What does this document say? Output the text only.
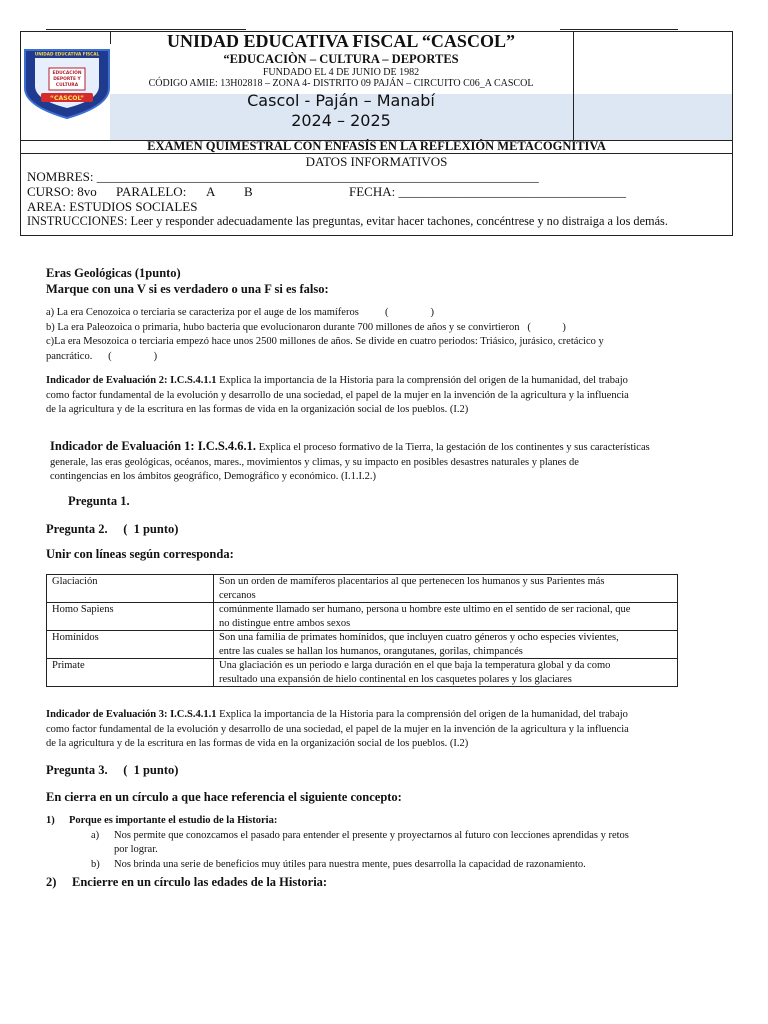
UNIDAD EDUCATIVA FISCAL
EDUCACIÓN
DEPORTE Y
CULTURA
“CASCOL”
UNIDAD EDUCATIVA FISCAL “CASCOL”
“EDUCACIÒN – CULTURA – DEPORTES
FUNDADO EL 4 DE JUNIO DE 1982
CÓDIGO AMIE: 13H02818 – ZONA 4- DISTRITO 09 PAJÁN – CIRCUITO C06_A CASCOL
Cascol - Paján – Manabí
2024 – 2025
EXAMEN QUIMESTRAL CON ENFASÍS EN LA REFLEXIÓN METACOGNITIVA
DATOS INFORMATIVOS
NOMBRES: ____________________________________________________________________
CURSO: 8vo PARALELO: A B	FECHA: ___________________________________
AREA: ESTUDIOS SOCIALES
INSTRUCCIONES: Leer y responder adecuadamente las preguntas, evitar hacer tachones, concéntrese y no distraiga a los demás.
Eras Geológicas (1punto)
Marque con una V si es verdadero o una F si es falso:
a) La era Cenozoica o terciaria se caracteriza por el auge de los mamíferos          (                )
b) La era Paleozoica o primaria, hubo bacteria que evolucionaron durante 700 millones de años y se convirtieron   (            )
c)La era Mesozoica o terciaria empezó hace unos 2500 millones de años. Se divide en cuatro periodos: Triásico, jurásico, cretácico y
pancrático.      (                )
Indicador de Evaluación 2: I.C.S.4.1.1 Explica la importancia de la Historia para la comprensión del origen de la humanidad, del trabajo
como factor fundamental de la evolución y desarrollo de una sociedad, el papel de la mujer en la invención de la agricultura y la influencia
de la agricultura y de la escritura en las formas de vida en la organización social de los pueblos. (I.2)
Indicador de Evaluación 1: I.C.S.4.6.1. Explica el proceso formativo de la Tierra, la gestación de los continentes y sus características
generale, las eras geológicas, océanos, mares., movimientos y climas, y su impacto en posibles desastres naturales y planes de
contingencias en los ámbitos geográfico, Demográfico y económico. (I.1.I.2.)
Pregunta 1.
Pregunta 2.     (  1 punto)
Unir con líneas según corresponda:
Glaciación	Son un orden de mamíferos placentarios al que pertenecen los humanos y sus Parientes más
cercanos

Homo Sapiens	comúnmente llamado ser humano, persona u hombre este ultimo en el sentido de ser racional, que
no distingue entre ambos sexos

Homínidos	Son una familia de primates homínidos, que incluyen cuatro géneros y ocho especies vivientes,
entre las cuales se hallan los humanos, orangutanes, gorilas, chimpancés

Primate	Una glaciación es un periodo e larga duración en el que baja la temperatura global y da como
resultado una expansión de hielo continental en los casquetes polares y los glaciares
Indicador de Evaluación 3: I.C.S.4.1.1 Explica la importancia de la Historia para la comprensión del origen de la humanidad, del trabajo
como factor fundamental de la evolución y desarrollo de una sociedad, el papel de la mujer en la invención de la agricultura y la influencia
de la agricultura y de la escritura en las formas de vida en la organización social de los pueblos. (I.2)
Pregunta 3.     (  1 punto)
En cierra en un círculo a que hace referencia el siguiente concepto:
1) Porque es importante el estudio de la Historia:
a) Nos permite que conozcamos el pasado para entender el presente y proyectarnos al futuro con lecciones aprendidas y retos
por lograr.
b) Nos brinda una serie de beneficios muy útiles para nuestra mente, pues desarrolla la capacidad de razonamiento.
2) Encierre en un círculo las edades de la Historia:
